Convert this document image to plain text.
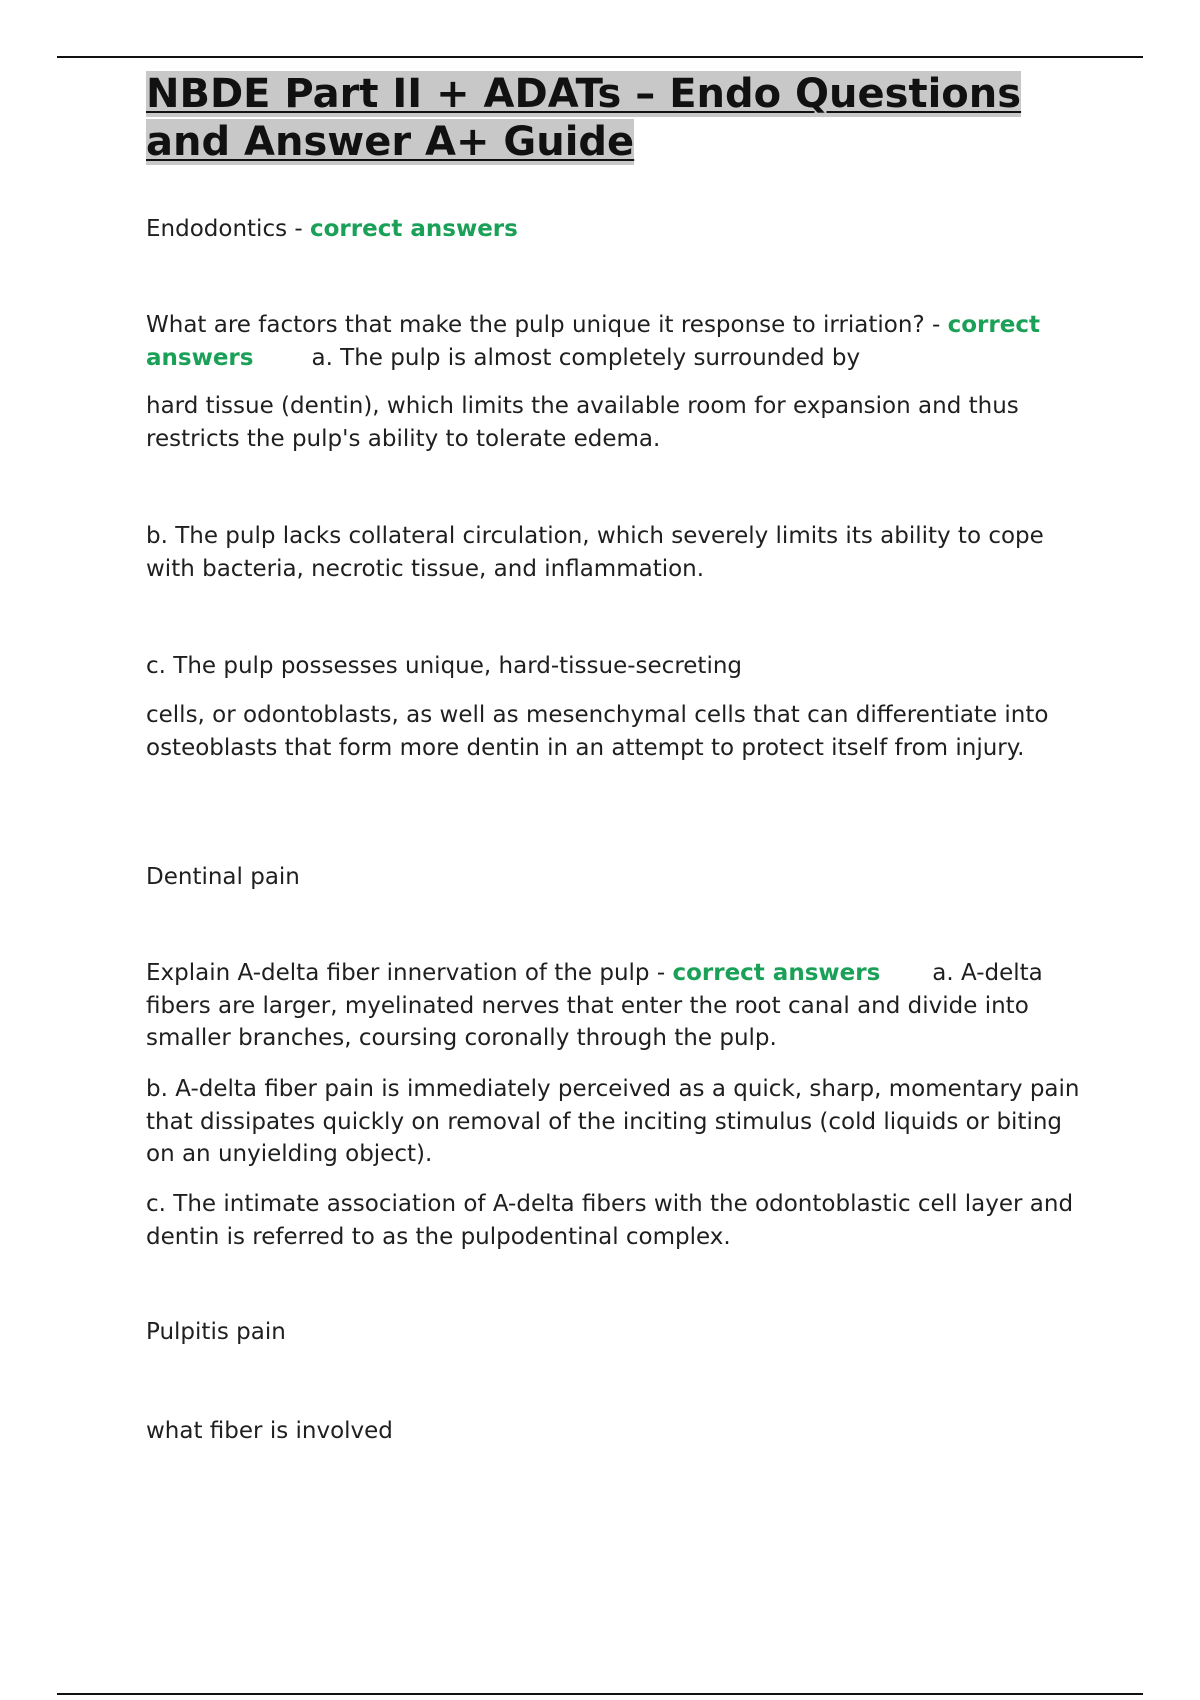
NBDE Part II + ADATs – Endo Questions and Answer A+ Guide

Endodontics - correct answers

What are factors that make the pulp unique it response to irriation? - correct answers	a. The pulp is almost completely surrounded by

hard tissue (dentin), which limits the available room for expansion and thus restricts the pulp's ability to tolerate edema.

b. The pulp lacks collateral circulation, which severely limits its ability to cope with bacteria, necrotic tissue, and inflammation.

c. The pulp possesses unique, hard-tissue-secreting

cells, or odontoblasts, as well as mesenchymal cells that can differentiate into osteoblasts that form more dentin in an attempt to protect itself from injury.

Dentinal pain

Explain A-delta fiber innervation of the pulp - correct answers a. A-delta fibers are larger, myelinated nerves that enter the root canal and divide into smaller branches, coursing coronally through the pulp.

b. A-delta fiber pain is immediately perceived as a quick, sharp, momentary pain that dissipates quickly on removal of the inciting stimulus (cold liquids or biting on an unyielding object).

c. The intimate association of A-delta fibers with the odontoblastic cell layer and dentin is referred to as the pulpodentinal complex.

Pulpitis pain

what fiber is involved
